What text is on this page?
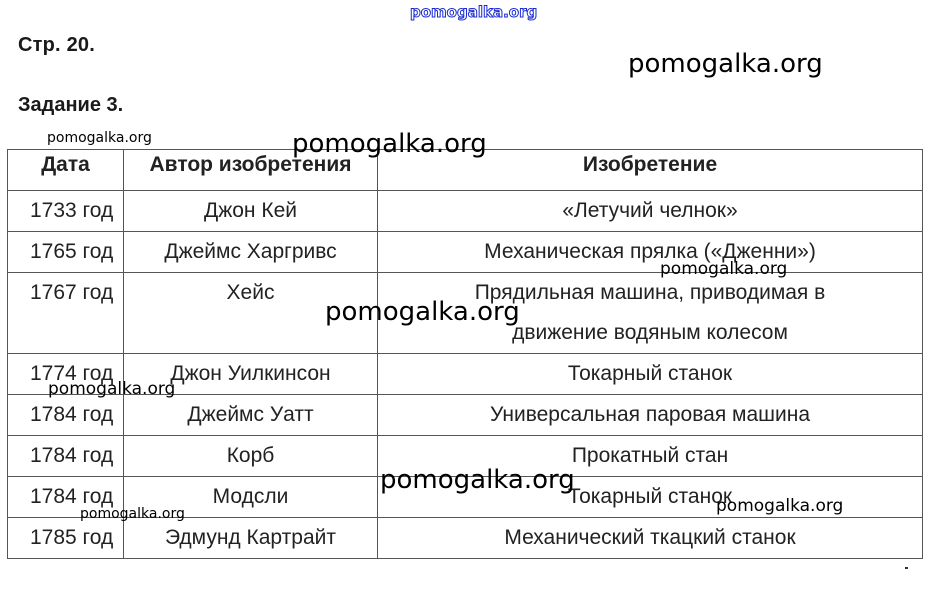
Стр. 20.
Задание 3.
Дата	Автор изобретения	Изобретение
1733 год	Джон Кей	«Летучий челнок»

1765 год	Джеймс Харгривс	Механическая прялка («Дженни»)

1767 год	Хейс	Прядильная машина, приводимая в
движение водяным колесом

1774 год	Джон Уилкинсон	Токарный станок

1784 год	Джеймс Уатт	Универсальная паровая машина

1784 год	Корб	Прокатный стан

1784 год	Модсли	Токарный станок

1785 год	Эдмунд Картрайт	Механический ткацкий станок
pomogalka.org
pomogalka.org
pomogalka.org	pomogalka.org
pomogalka.org
pomogalka.org
pomogalka.org
pomogalka.org
pomogalka.org	pomogalka.org
